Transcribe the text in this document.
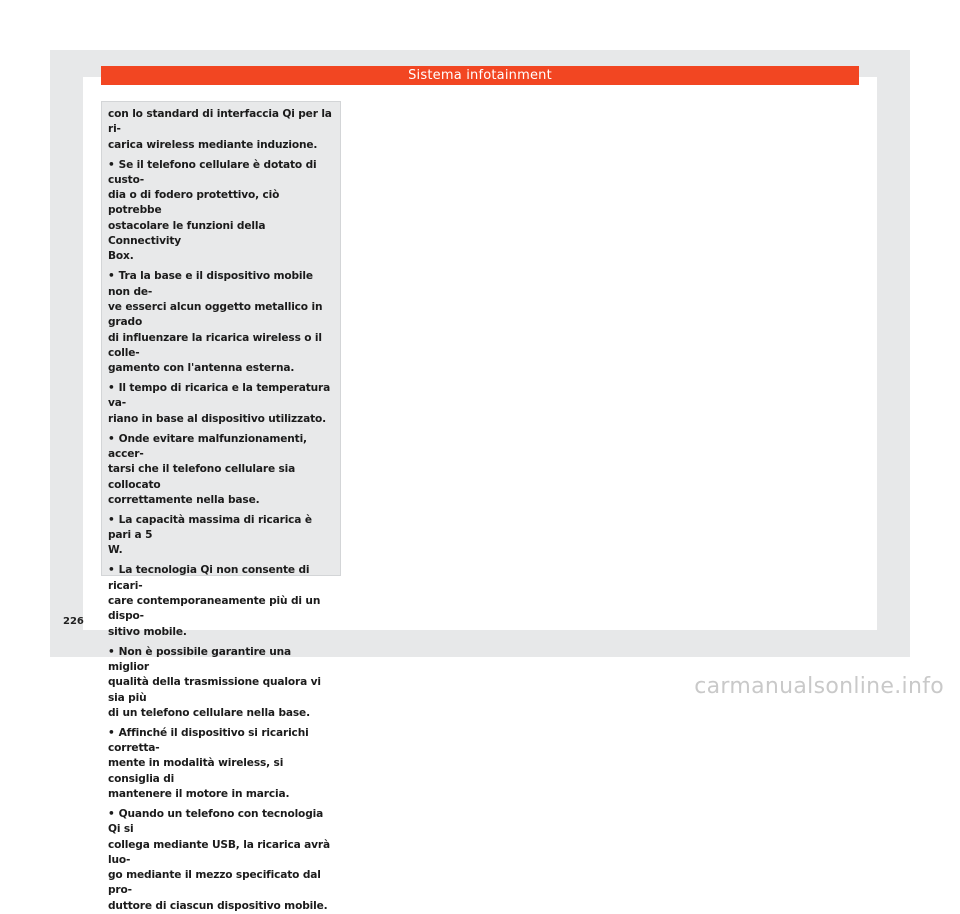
Sistema infotainment

con lo standard di interfaccia Qi per la ri-
carica wireless mediante induzione.

• Se il telefono cellulare è dotato di custo-
dia o di fodero protettivo, ciò potrebbe
ostacolare le funzioni della Connectivity
Box.

• Tra la base e il dispositivo mobile non de-
ve esserci alcun oggetto metallico in grado
di influenzare la ricarica wireless o il colle-
gamento con l'antenna esterna.

• Il tempo di ricarica e la temperatura va-
riano in base al dispositivo utilizzato.

• Onde evitare malfunzionamenti, accer-
tarsi che il telefono cellulare sia collocato
correttamente nella base.

• La capacità massima di ricarica è pari a 5
W.

• La tecnologia Qi non consente di ricari-
care contemporaneamente più di un dispo-
sitivo mobile.

• Non è possibile garantire una miglior
qualità della trasmissione qualora vi sia più
di un telefono cellulare nella base.

• Affinché il dispositivo si ricarichi corretta-
mente in modalità wireless, si consiglia di
mantenere il motore in marcia.

• Quando un telefono con tecnologia Qi si
collega mediante USB, la ricarica avrà luo-
go mediante il mezzo specificato dal pro-
duttore di ciascun dispositivo mobile.

226
carmanualsonline.info
